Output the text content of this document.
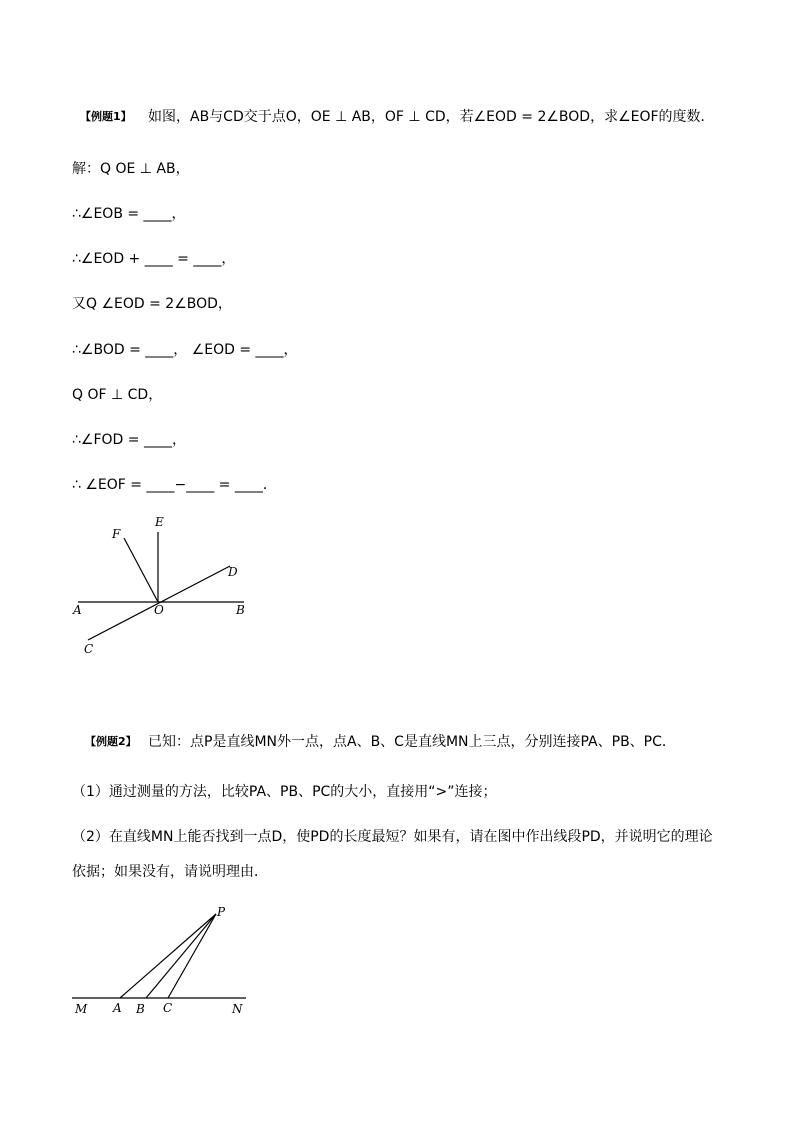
【例题1】 如图，AB与CD交于点O，OE ⊥ AB，OF ⊥ CD，若∠EOD = 2∠BOD，求∠EOF的度数．
解：Q OE ⊥ AB，
∴∠EOB = ____，
∴∠EOD + ____ = ____，
又Q ∠EOD = 2∠BOD，
∴∠BOD = ____， ∠EOD = ____，
Q OF ⊥ CD，
∴∠FOD = ____，
∴ ∠EOF = ____−____ = ____．
E
F
D
A	O	B
C
【例题2】 已知：点P是直线MN外一点，点A、B、C是直线MN上三点，分别连接PA、PB、PC．
（1）通过测量的方法，比较PA、PB、PC的大小，直接用“>”连接；
（2）在直线MN上能否找到一点D，使PD的长度最短？如果有，请在图中作出线段PD，并说明它的理论
依据；如果没有，请说明理由．
P
M A B C	N
